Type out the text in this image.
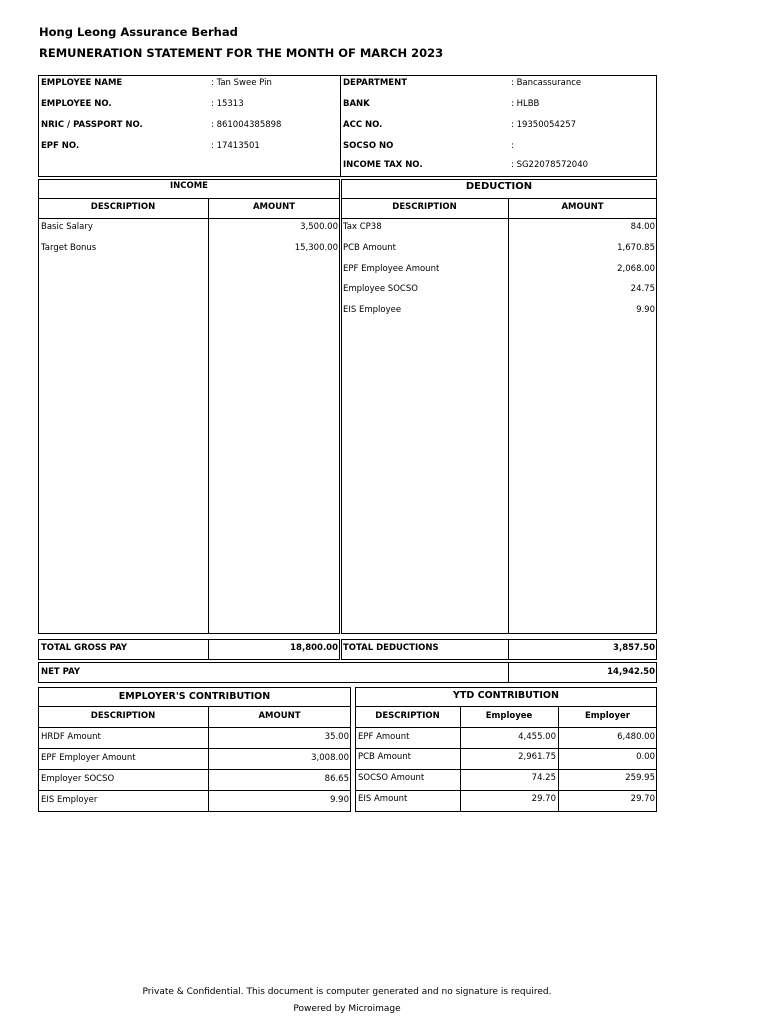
Hong Leong Assurance Berhad
REMUNERATION STATEMENT FOR THE MONTH OF MARCH 2023
EMPLOYEE NAME	: Tan Swee Pin
EMPLOYEE NO.	: 15313
NRIC / PASSPORT NO.	: 861004385898
EPF NO.	: 17413501
DEPARTMENT	: Bancassurance
BANK	: HLBB
ACC NO.	: 19350054257
SOCSO NO	:
INCOME TAX NO.	: SG22078572040
INCOME	DEDUCTION
DESCRIPTION	AMOUNT	DESCRIPTION	AMOUNT
Basic Salary	3,500.00
Target Bonus	15,300.00
Tax CP38	84.00
PCB Amount	1,670.85
EPF Employee Amount	2,068.00
Employee SOCSO	24.75
EIS Employee	9.90
TOTAL GROSS PAY	18,800.00 TOTAL DEDUCTIONS	3,857.50
NET PAY	14,942.50
EMPLOYER'S CONTRIBUTION
DESCRIPTION	AMOUNT
HRDF Amount	35.00
EPF Employer Amount	3,008.00
Employer SOCSO	86.65
EIS Employer	9.90
YTD CONTRIBUTION
DESCRIPTION	Employee	Employer
EPF Amount	4,455.00	6,480.00
PCB Amount	2,961.75	0.00
SOCSO Amount	74.25	259.95
EIS Amount	29.70	29.70
Private & Confidential. This document is computer generated and no signature is required.
Powered by Microimage
